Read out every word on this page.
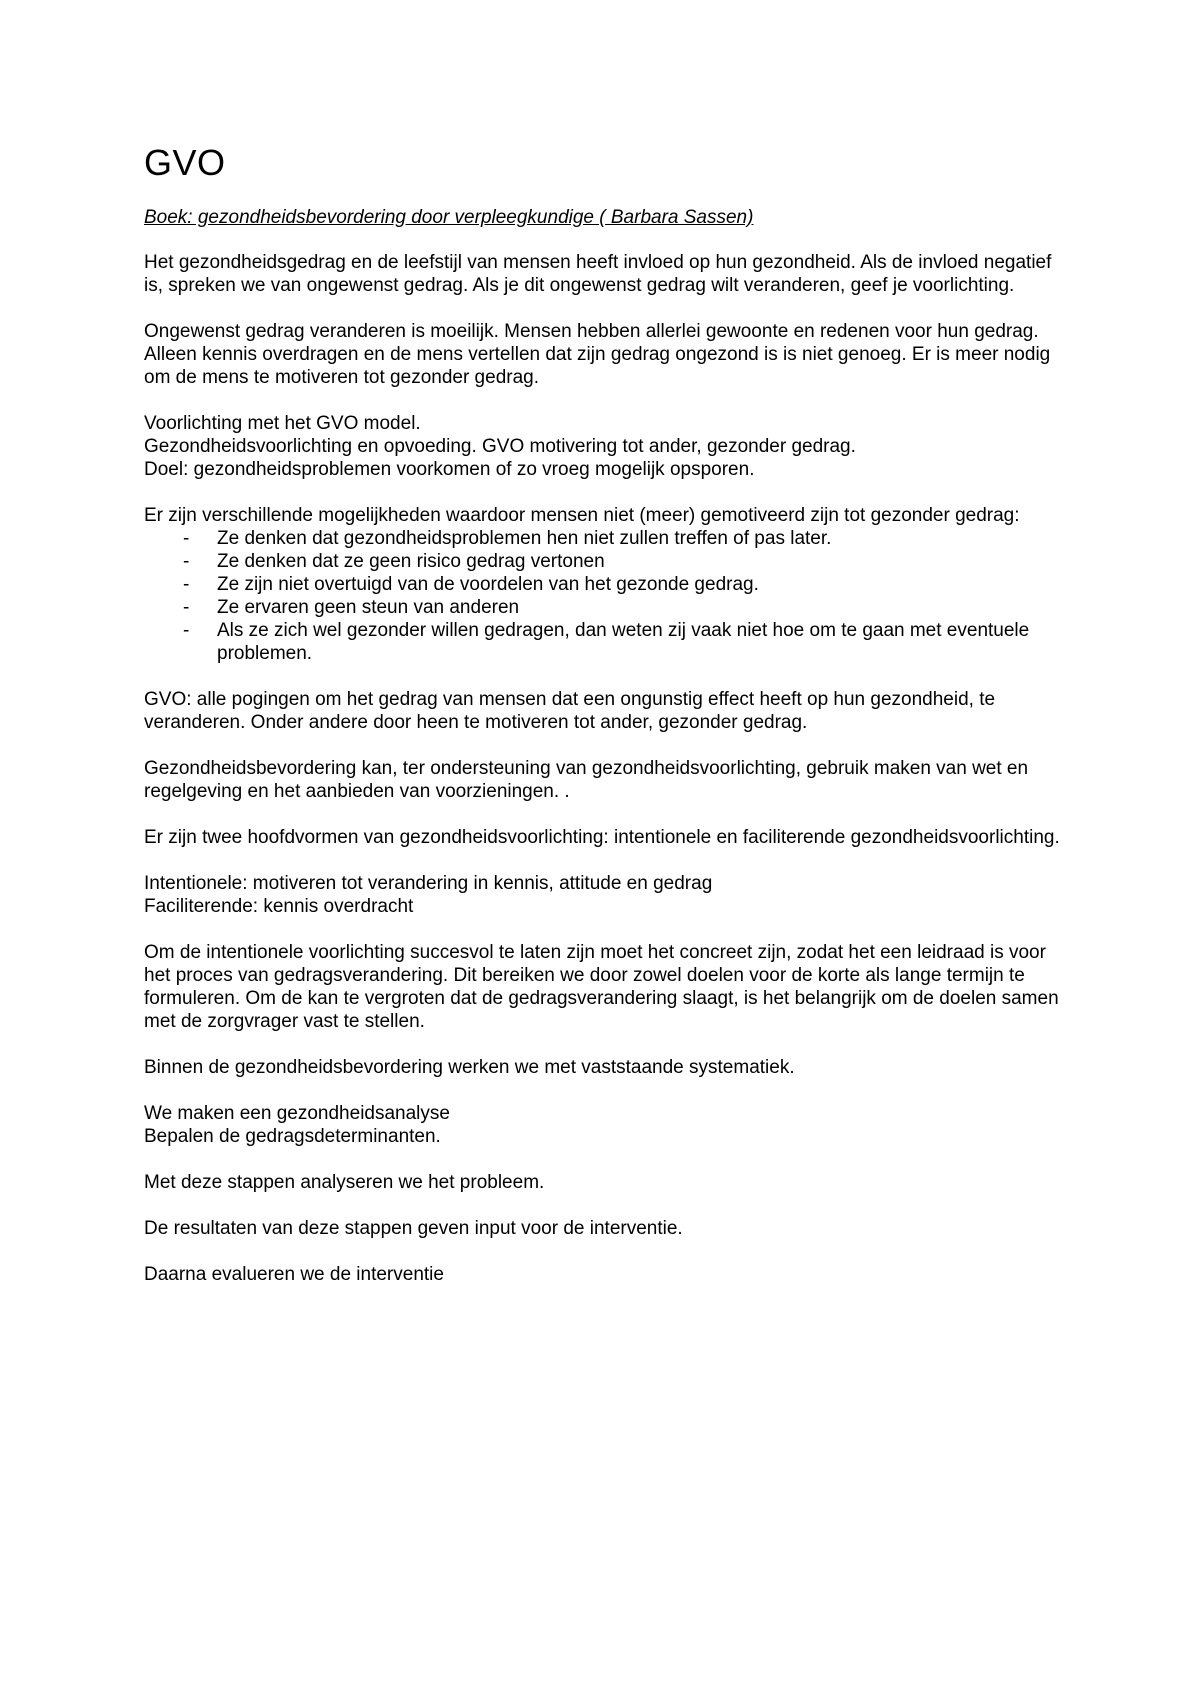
GVO
Boek: gezondheidsbevordering door verpleegkundige ( Barbara Sassen)

Het gezondheidsgedrag en de leefstijl van mensen heeft invloed op hun gezondheid. Als de invloed negatief is, spreken we van ongewenst gedrag. Als je dit ongewenst gedrag wilt veranderen, geef je voorlichting.

Ongewenst gedrag veranderen is moeilijk. Mensen hebben allerlei gewoonte en redenen voor hun gedrag. Alleen kennis overdragen en de mens vertellen dat zijn gedrag ongezond is is niet genoeg. Er is meer nodig om de mens te motiveren tot gezonder gedrag.

Voorlichting met het GVO model.

Gezondheidsvoorlichting en opvoeding. GVO motivering tot ander, gezonder gedrag.

Doel: gezondheidsproblemen voorkomen of zo vroeg mogelijk opsporen.

Er zijn verschillende mogelijkheden waardoor mensen niet (meer) gemotiveerd zijn tot gezonder gedrag:

- Ze denken dat gezondheidsproblemen hen niet zullen treffen of pas later.
- Ze denken dat ze geen risico gedrag vertonen
- Ze zijn niet overtuigd van de voordelen van het gezonde gedrag.
- Ze ervaren geen steun van anderen
- Als ze zich wel gezonder willen gedragen, dan weten zij vaak niet hoe om te gaan met eventuele problemen.

GVO: alle pogingen om het gedrag van mensen dat een ongunstig effect heeft op hun gezondheid, te veranderen. Onder andere door heen te motiveren tot ander, gezonder gedrag.

Gezondheidsbevordering kan, ter ondersteuning van gezondheidsvoorlichting, gebruik maken van wet en regelgeving en het aanbieden van voorzieningen. .

Er zijn twee hoofdvormen van gezondheidsvoorlichting: intentionele en faciliterende gezondheidsvoorlichting.

Intentionele: motiveren tot verandering in kennis, attitude en gedrag

Faciliterende: kennis overdracht

Om de intentionele voorlichting succesvol te laten zijn moet het concreet zijn, zodat het een leidraad is voor het proces van gedragsverandering. Dit bereiken we door zowel doelen voor de korte als lange termijn te formuleren. Om de kan te vergroten dat de gedragsverandering slaagt, is het belangrijk om de doelen samen met de zorgvrager vast te stellen.

Binnen de gezondheidsbevordering werken we met vaststaande systematiek.

We maken een gezondheidsanalyse

Bepalen de gedragsdeterminanten.

Met deze stappen analyseren we het probleem.

De resultaten van deze stappen geven input voor de interventie.

Daarna evalueren we de interventie
